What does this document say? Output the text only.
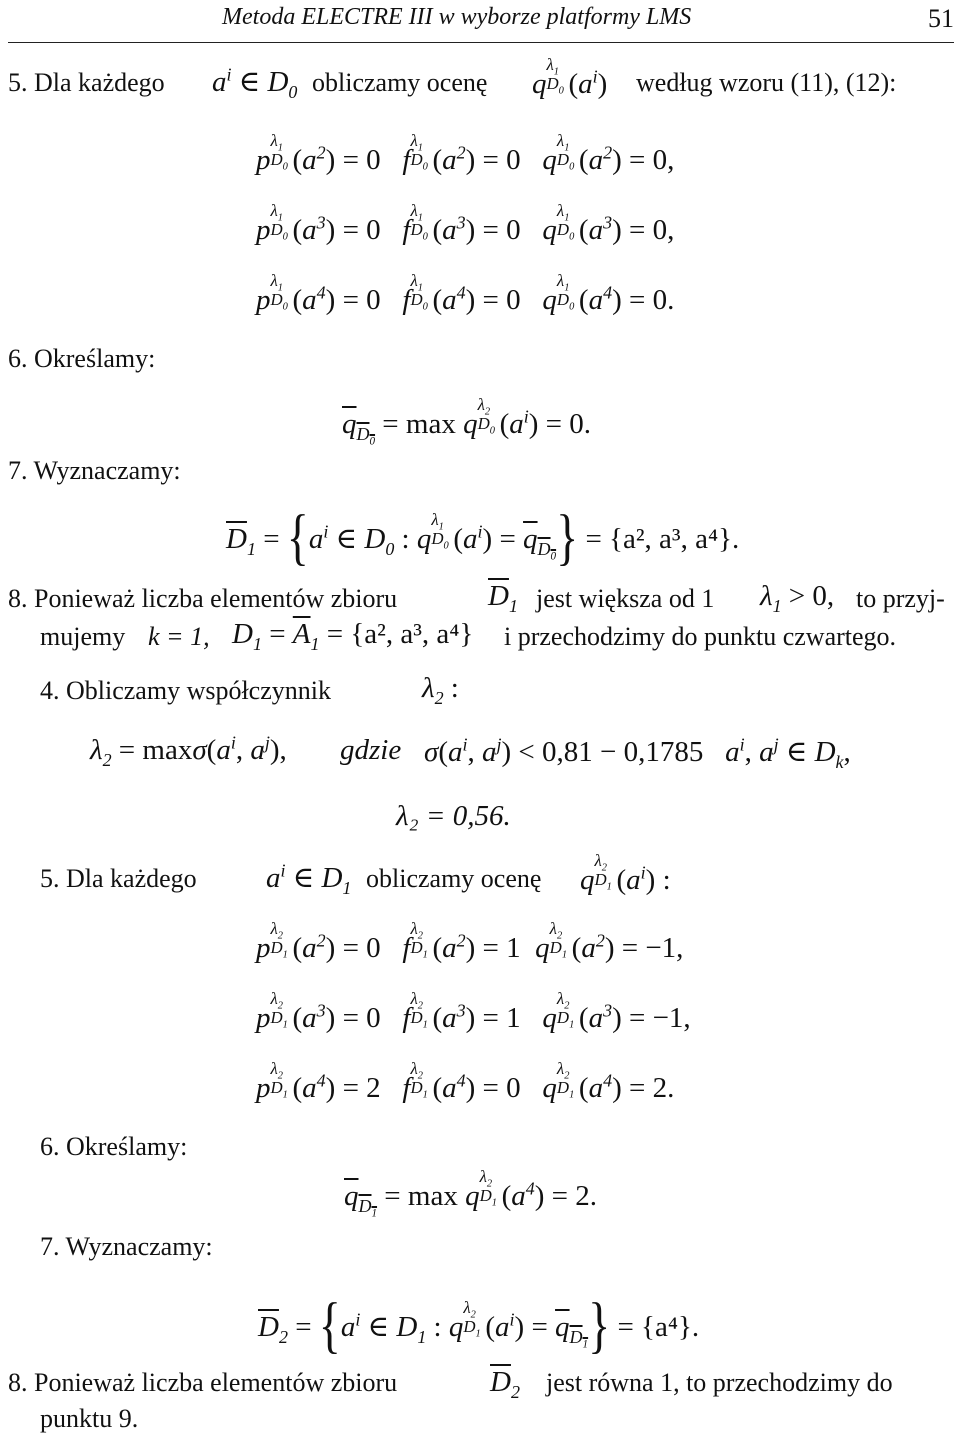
Metoda ELECTRE III w wyborze platformy LMS	51
5. Dla każdego $a^i$ ∈ $D_0$ obliczamy ocenę q
$\lambda_1$
$D_0$ $(a^i)$ według wzoru (11), (12):
p
$\lambda_1$
$D_0$ $(a^2) = 0$   f
$\lambda_1$
$D_0$ $(a^2) = 0$   q
$\lambda_1$
$D_0$ $(a^2) = 0$,
p
$\lambda_1$
$D_0$ $(a^3) = 0$   f
$\lambda_1$
$D_0$ $(a^3) = 0$   q
$\lambda_1$
$D_0$ $(a^3) = 0$,
p
$\lambda_1$
$D_0$ $(a^4) = 0$   f
$\lambda_1$
$D_0$ $(a^4) = 0$   q
$\lambda_1$
$D_0$ $(a^4) = 0$.
6. Określamy:
$q_{D_0} = \max q$
$\lambda_2$
$D_0$ $(a^i) = 0$.
7. Wyznaczamy:
$\overline{D}_1 = \{a^i$ ∈ $D_0$ : q
$\lambda_1$
$D_0$ $(a^i) = q_{D_0}\} = \{a^2$, a³, a⁴}.
8. Ponieważ liczba elementów zbioru	$\overline{D}_1$ jest większa od 1 $\lambda_1 > 0$, to przyj-
mujemy k = 1, $D_1 = \overline{A}_1 = \{a^2$, a³, a⁴} i przechodzimy do punktu czwartego.
4. Obliczamy współczynnik	$\lambda_2$ :
$\lambda_2 = \max\sigma(a^i$, $a^j$), gdzie $\sigma(a^i$, $a^j) < 0,81 - 0,1785$ $a^i$, $a^j$ ∈ $D_k$,
λ₂ = 0,56.
5. Dla każdego $a^i$ ∈ $D_1$ obliczamy ocenę q
$\lambda_2$
$D_1$ $(a^i)$ :
p
$\lambda_2$
$D_1$ $(a^2) = 0$   f
$\lambda_2$
$D_1$ $(a^2) = 1$  q
$\lambda_2$
$D_1$ $(a^2) = -1$,
p
$\lambda_2$
$D_1$ $(a^3) = 0$   f
$\lambda_2$
$D_1$ $(a^3) = 1$   q
$\lambda_2$
$D_1$ $(a^3) = -1$,
p
$\lambda_2$
$D_1$ $(a^4) = 2$   f
$\lambda_2$
$D_1$ $(a^4) = 0$   q
$\lambda_2$
$D_1$ $(a^4) = 2$.
6. Określamy:
$q_{D_1} = \max q$
$\lambda_2$
$D_1$ $(a^4) = 2$.
7. Wyznaczamy:
$\overline{D}_2 = \{a^i$ ∈ $D_1$ : q
$\lambda_2$
$D_1$ $(a^i) = q_{D_1}\} = \{a^4\}$.
8. Ponieważ liczba elementów zbioru	$\overline{D}_2$ jest równa 1, to przechodzimy do
punktu 9.
